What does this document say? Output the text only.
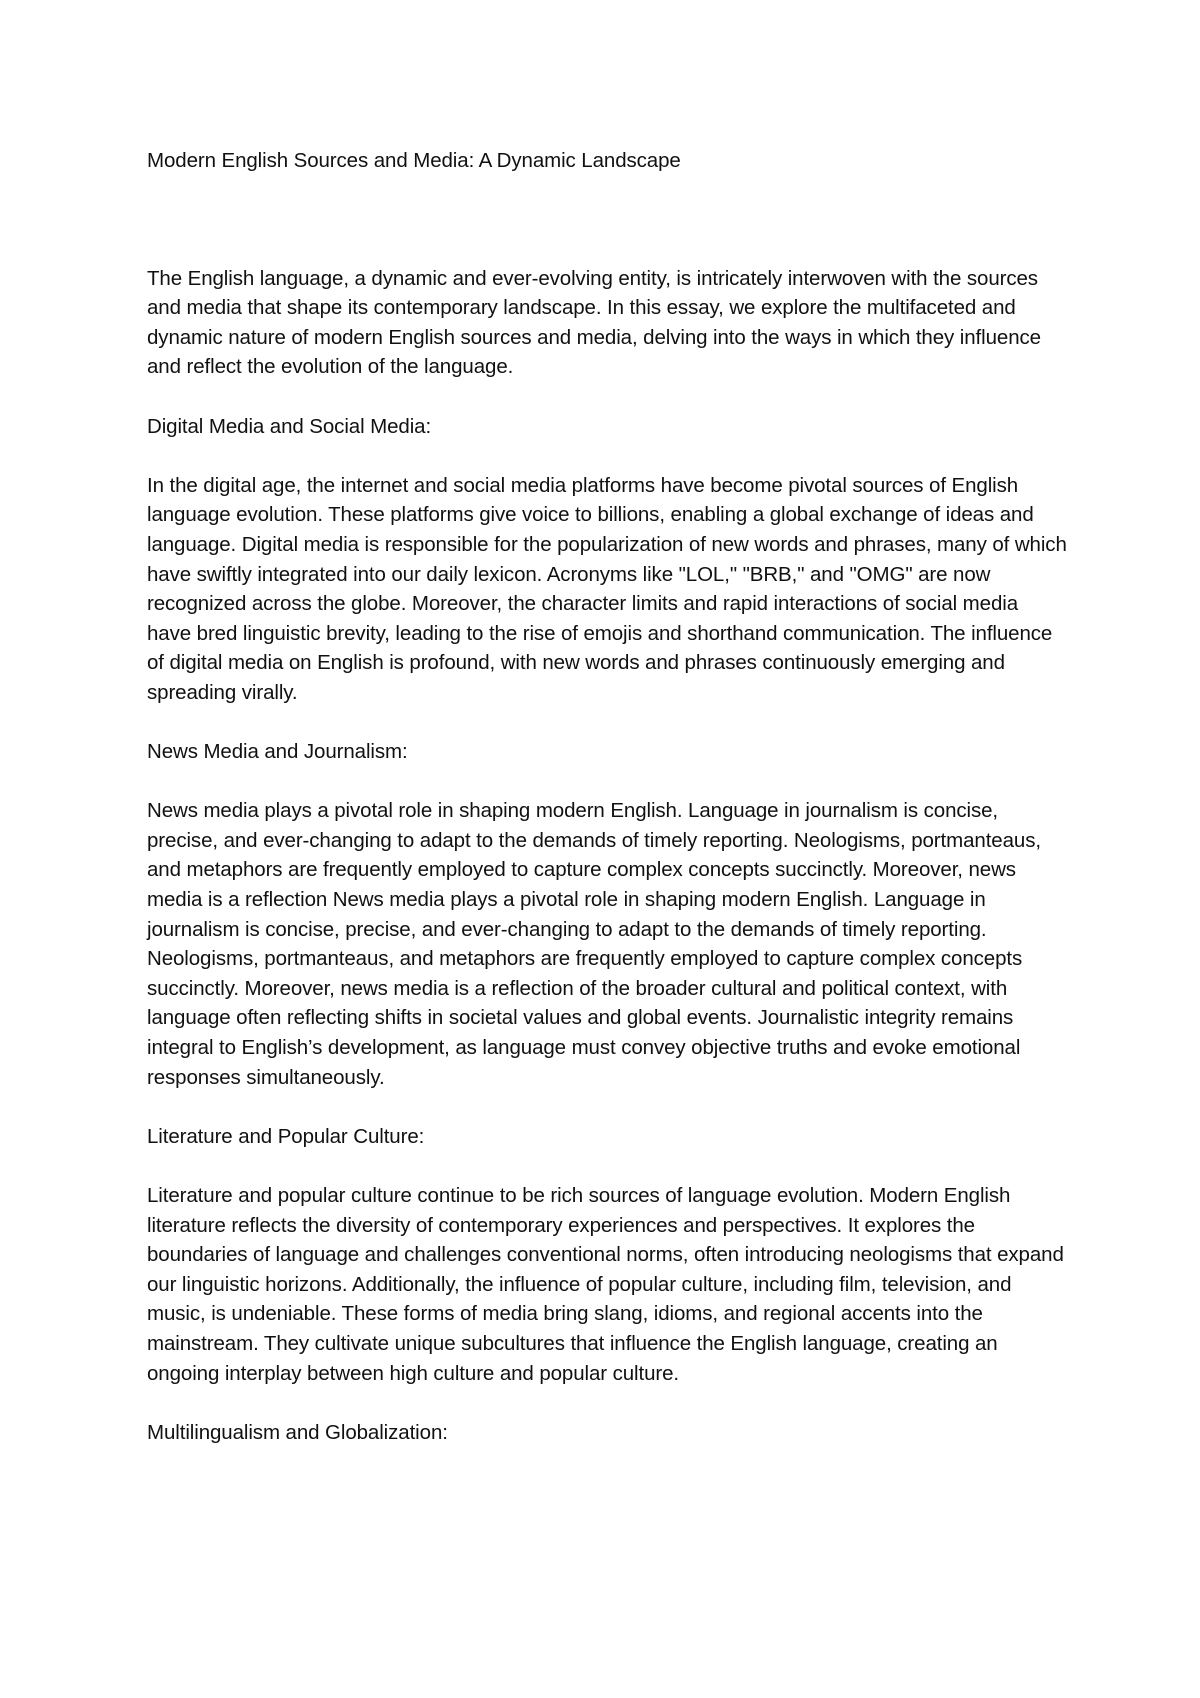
Modern English Sources and Media: A Dynamic Landscape
The English language, a dynamic and ever-evolving entity, is intricately interwoven with the sources and media that shape its contemporary landscape. In this essay, we explore the multifaceted and dynamic nature of modern English sources and media, delving into the ways in which they influence and reflect the evolution of the language.
Digital Media and Social Media:
In the digital age, the internet and social media platforms have become pivotal sources of English language evolution. These platforms give voice to billions, enabling a global exchange of ideas and language. Digital media is responsible for the popularization of new words and phrases, many of which have swiftly integrated into our daily lexicon. Acronyms like "LOL," "BRB," and "OMG" are now recognized across the globe. Moreover, the character limits and rapid interactions of social media have bred linguistic brevity, leading to the rise of emojis and shorthand communication. The influence of digital media on English is profound, with new words and phrases continuously emerging and spreading virally.
News Media and Journalism:
News media plays a pivotal role in shaping modern English. Language in journalism is concise, precise, and ever-changing to adapt to the demands of timely reporting. Neologisms, portmanteaus, and metaphors are frequently employed to capture complex concepts succinctly. Moreover, news media is a reflection News media plays a pivotal role in shaping modern English. Language in journalism is concise, precise, and ever-changing to adapt to the demands of timely reporting. Neologisms, portmanteaus, and metaphors are frequently employed to capture complex concepts succinctly. Moreover, news media is a reflection of the broader cultural and political context, with language often reflecting shifts in societal values and global events. Journalistic integrity remains integral to English’s development, as language must convey objective truths and evoke emotional responses simultaneously.
Literature and Popular Culture:
Literature and popular culture continue to be rich sources of language evolution. Modern English literature reflects the diversity of contemporary experiences and perspectives. It explores the boundaries of language and challenges conventional norms, often introducing neologisms that expand our linguistic horizons. Additionally, the influence of popular culture, including film, television, and music, is undeniable. These forms of media bring slang, idioms, and regional accents into the mainstream. They cultivate unique subcultures that influence the English language, creating an ongoing interplay between high culture and popular culture.
Multilingualism and Globalization:
